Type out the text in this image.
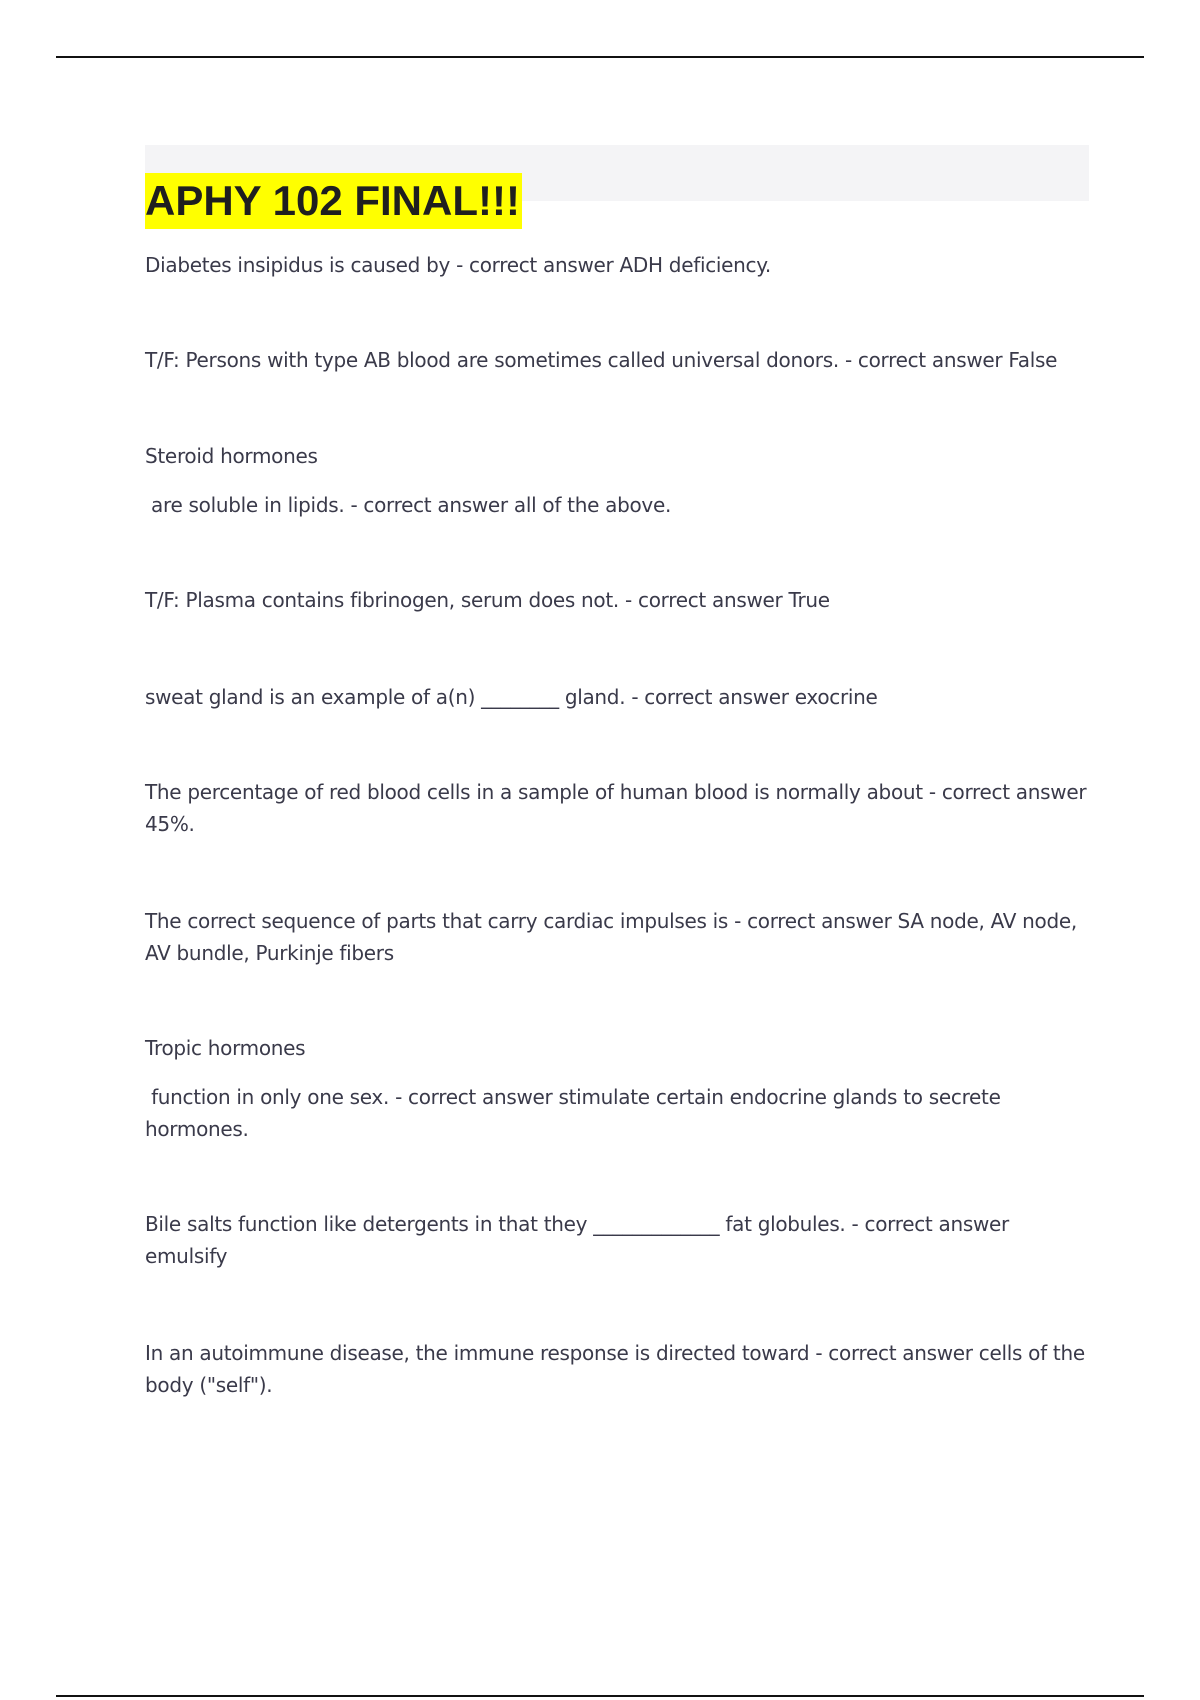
APHY 102 FINAL!!!

Diabetes insipidus is caused by - correct answer ADH deficiency.

T/F: Persons with type AB blood are sometimes called universal donors. - correct answer False

Steroid hormones

are soluble in lipids. - correct answer all of the above.

T/F: Plasma contains fibrinogen, serum does not. - correct answer True

sweat gland is an example of a(n) ________ gland. - correct answer exocrine

The percentage of red blood cells in a sample of human blood is normally about - correct answer 45%.

The correct sequence of parts that carry cardiac impulses is - correct answer SA node, AV node, AV bundle, Purkinje fibers

Tropic hormones

function in only one sex. - correct answer stimulate certain endocrine glands to secrete hormones.

Bile salts function like detergents in that they _____________ fat globules. - correct answer emulsify

In an autoimmune disease, the immune response is directed toward - correct answer cells of the body ("self").
